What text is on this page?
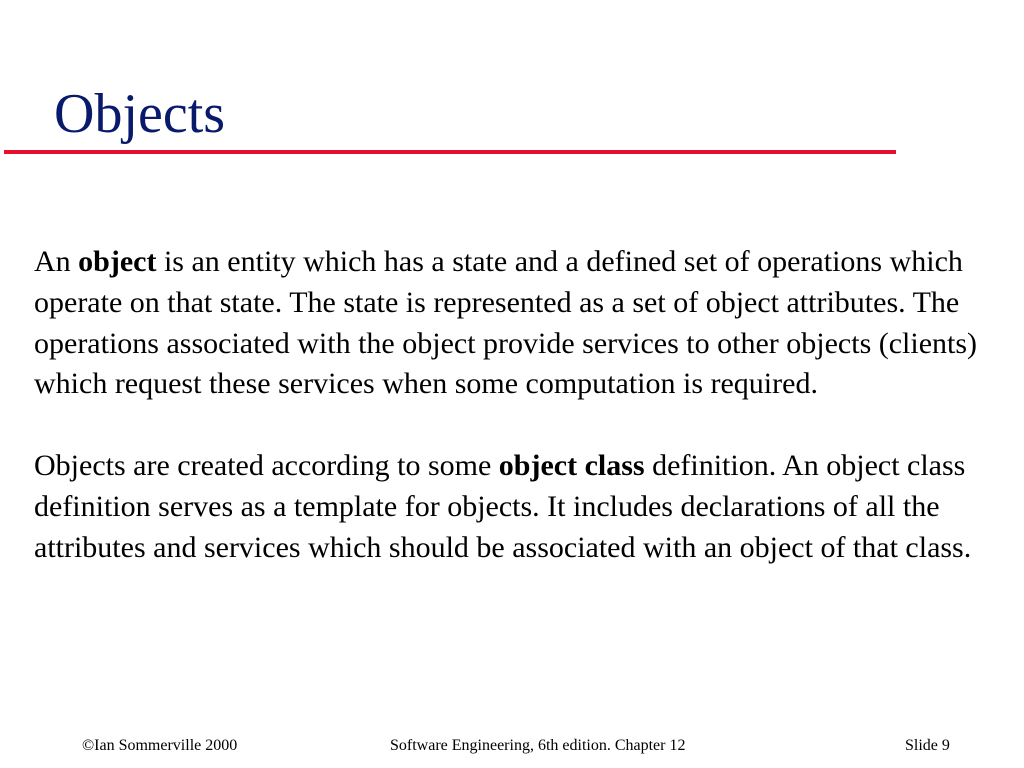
Objects

An object is an entity which has a state and a defined set of operations which operate on that state. The state is represented as a set of object attributes. The operations associated with the object provide services to other objects (clients) which request these services when some computation is required.

Objects are created according to some object class definition. An object class definition serves as a template for objects. It includes declarations of all the attributes and services which should be associated with an object of that class.

©Ian Sommerville 2000	Software Engineering, 6th edition. Chapter 12	Slide 9
